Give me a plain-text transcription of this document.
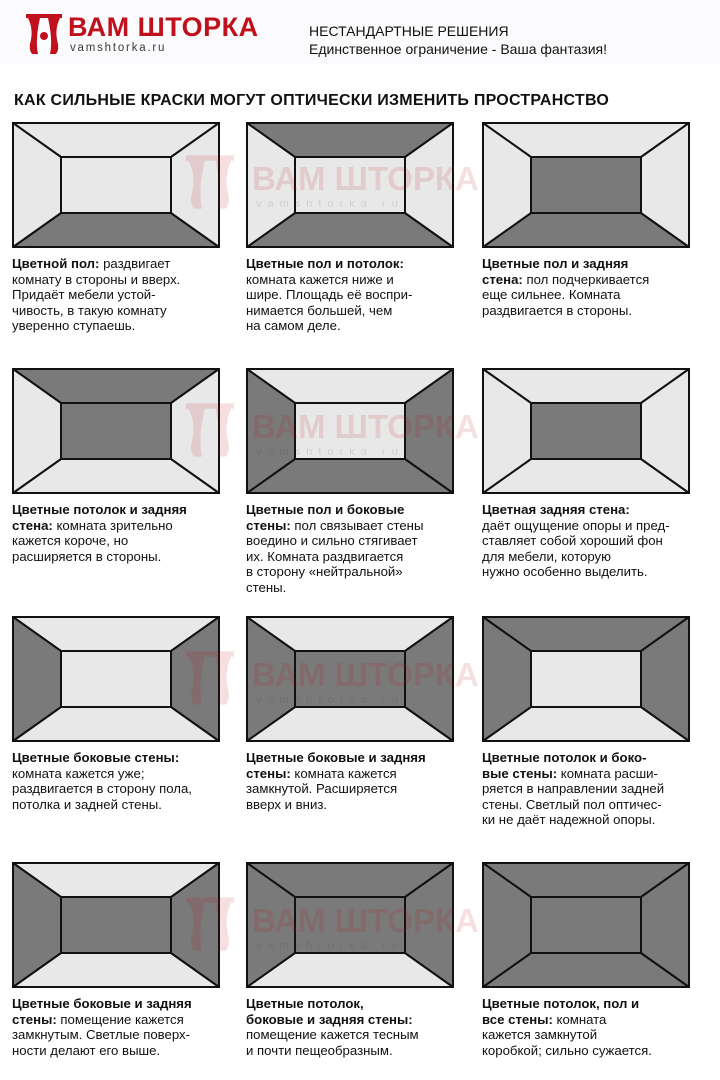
ВАМ ШТОРКА
vamshtorka.ru
НЕСТАНДАРТНЫЕ РЕШЕНИЯ
Единственное ограничение - Ваша фантазия!
КАК СИЛЬНЫЕ КРАСКИ МОГУТ ОПТИЧЕСКИ ИЗМЕНИТЬ ПРОСТРАНСТВО
Цветной пол: раздвигает
комнату в стороны и вверх.
Придаёт мебели устой-
чивость, в такую комнату
уверенно ступаешь.
Цветные пол и потолок:
комната кажется ниже и
шире. Площадь её воспри-
нимается большей, чем
на самом деле.
Цветные пол и задняя
стена: пол подчеркивается
еще сильнее. Комната
раздвигается в стороны.
Цветные потолок и задняя
стена: комната зрительно
кажется короче, но
расширяется в стороны.
Цветные пол и боковые
стены: пол связывает стены
воедино и сильно стягивает
их. Комната раздвигается
в сторону «нейтральной»
стены.
Цветная задняя стена:
даёт ощущение опоры и пред-
ставляет собой хороший фон
для мебели, которую
нужно особенно выделить.
Цветные боковые стены:
комната кажется уже;
раздвигается в сторону пола,
потолка и задней стены.
Цветные боковые и задняя
стены: комната кажется
замкнутой. Расширяется
вверх и вниз.
Цветные потолок и боко-
вые стены: комната расши-
ряется в направлении задней
стены. Светлый пол оптичес-
ки не даёт надежной опоры.
Цветные боковые и задняя
стены: помещение кажется
замкнутым. Светлые поверх-
ности делают его выше.
Цветные потолок,
боковые и задняя стены:
помещение кажется тесным
и почти пещеобразным.
Цветные потолок, пол и
все стены: комната
кажется замкнутой
коробкой; сильно сужается.
